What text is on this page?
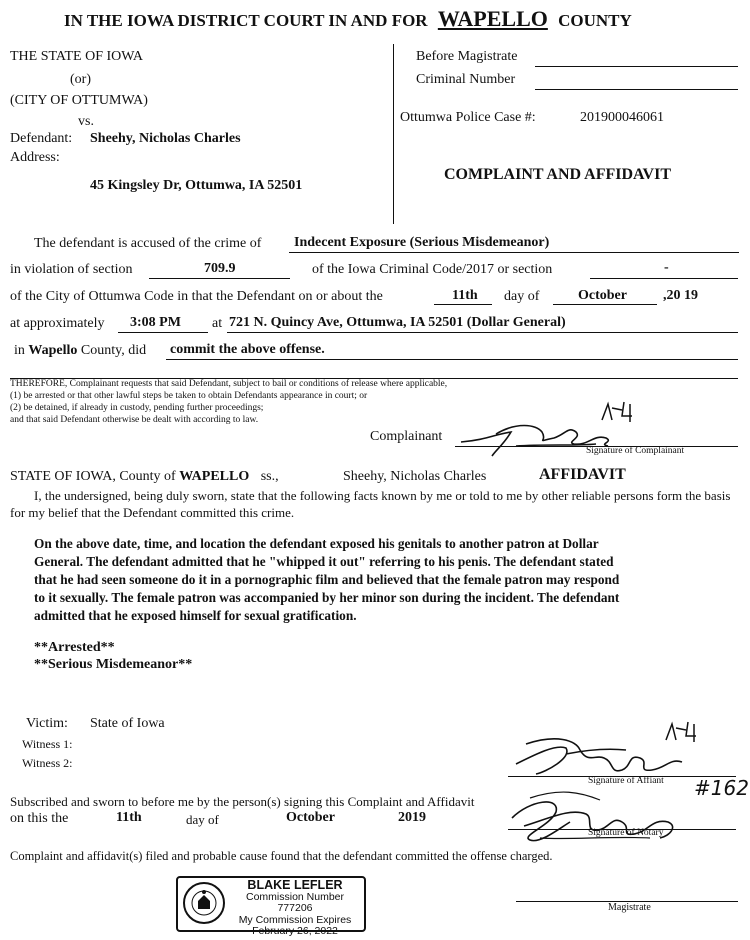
IN THE IOWA DISTRICT COURT IN AND FOR WAPELLO COUNTY
THE STATE OF IOWA
(or)
(CITY OF OTTUMWA)
vs.
Defendant: Sheehy, Nicholas Charles
Address:
45 Kingsley Dr, Ottumwa, IA 52501
Before Magistrate
Criminal Number
Ottumwa Police Case #:	201900046061
COMPLAINT AND AFFIDAVIT
The defendant is accused of the crime of Indecent Exposure (Serious Misdemeanor)
in violation of section	709.9	of the Iowa Criminal Code/2017 or section	-
of the City of Ottumwa Code in that the Defendant on or about the	11th day of	October	,20 19
at approximately 3:08 PM at 721 N. Quincy Ave, Ottumwa, IA 52501 (Dollar General)
in Wapello County, did commit the above offense.
THEREFORE, Complainant requests that said Defendant, subject to bail or conditions of release where applicable,
(1) be arrested or that other lawful steps be taken to obtain Defendants appearance in court; or
(2) be detained, if already in custody, pending further proceedings;
and that said Defendant otherwise be dealt with according to law.
Complainant
Signature of Complainant
STATE OF IOWA, County of WAPELLO ss.,	Sheehy, Nicholas Charles	AFFIDAVIT
I, the undersigned, being duly sworn, state that the following facts known by me or told to me by other reliable persons form the basis
for my belief that the Defendant committed this crime.
On the above date, time, and location the defendant exposed his genitals to another patron at Dollar
General. The defendant admitted that he "whipped it out" referring to his penis. The defendant stated
that he had seen someone do it in a pornographic film and believed that the female patron may respond
to it sexually. The female patron was accompanied by her minor son during the incident. The defendant
admitted that he exposed himself for sexual gratification.
**Arrested**
**Serious Misdemeanor**
Victim: State of Iowa
Witness 1:
Witness 2:
Signature of Affiant #162
Signature of Notary
Subscribed and sworn to before me by the person(s) signing this Complaint and Affidavit
on this the	11th	day of	October	2019
Complaint and affidavit(s) filed and probable cause found that the defendant committed the offense charged.
BLAKE LEFLER
Commission Number 777206
My Commission Expires
February 26, 2022
Magistrate
